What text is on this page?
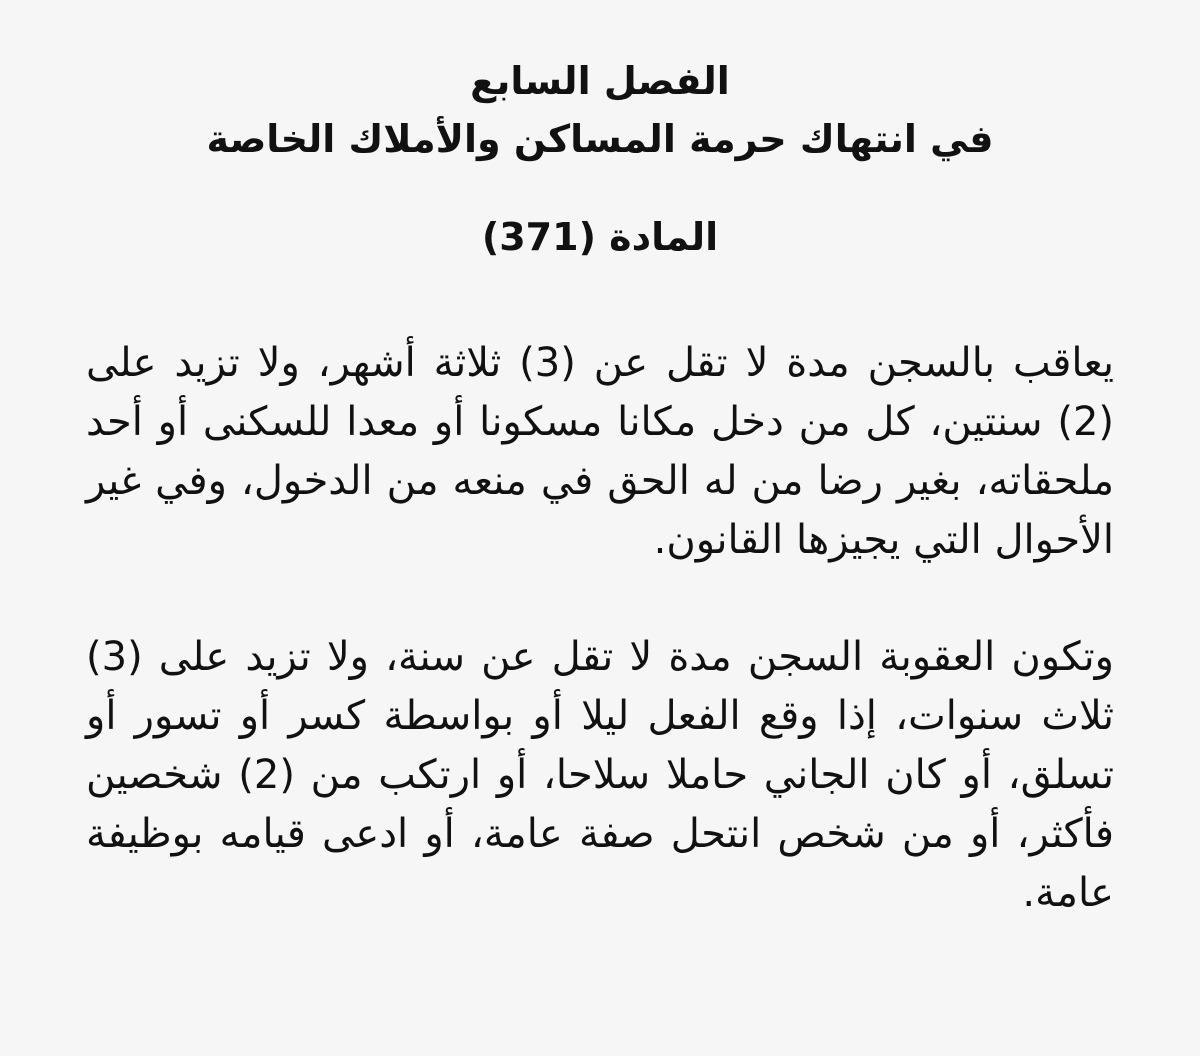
الفصل السابع
في انتهاك حرمة المساكن والأملاك الخاصة
المادة (371)

يعاقب بالسجن مدة لا تقل عن (3) ثلاثة أشهر، ولا تزيد على (2) سنتين، كل من دخل مكانا مسكونا أو معدا للسكنى أو أحد ملحقاته، بغير رضا من له الحق في منعه من الدخول، وفي غير الأحوال التي يجيزها القانون.

وتكون العقوبة السجن مدة لا تقل عن سنة، ولا تزيد على (3) ثلاث سنوات، إذا وقع الفعل ليلا أو بواسطة كسر أو تسور أو تسلق، أو كان الجاني حاملا سلاحا، أو ارتكب من (2) شخصين فأكثر، أو من شخص انتحل صفة عامة، أو ادعى قيامه بوظيفة عامة.
